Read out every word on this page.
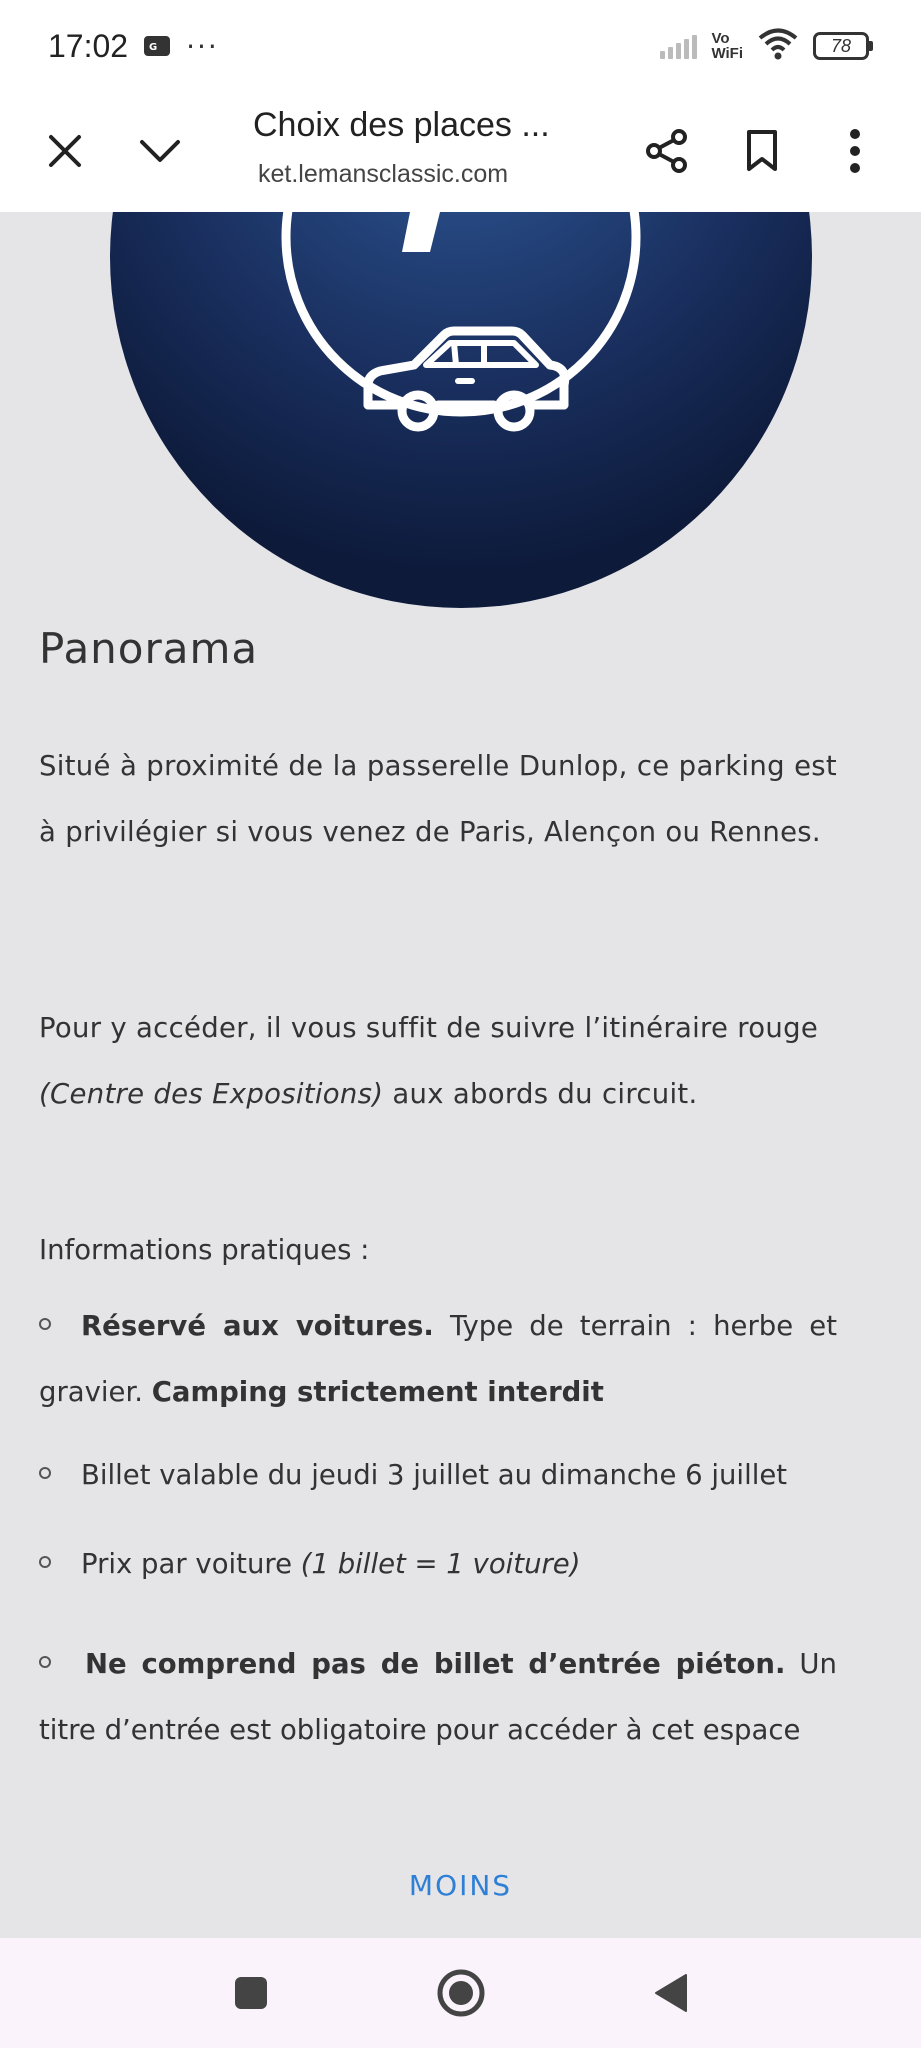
17:02 G ···	Vo
WiFi	78
Choix des places ...
ket.lemansclassic.com
Panorama

Situé à proximité de la passerelle Dunlop, ce parking est à privilégier si vous venez de Paris, Alençon ou Rennes.

Pour y accéder, il vous suffit de suivre l’itinéraire rouge
(Centre des Expositions) aux abords du circuit.

Informations pratiques :
Réservé aux voitures. Type de terrain : herbe et gravier. Camping strictement interdit
Billet valable du jeudi 3 juillet au dimanche 6 juillet
Prix par voiture (1 billet = 1 voiture)
Ne comprend pas de billet d’entrée piéton. Un titre d’entrée est obligatoire pour accéder à cet espace
MOINS
